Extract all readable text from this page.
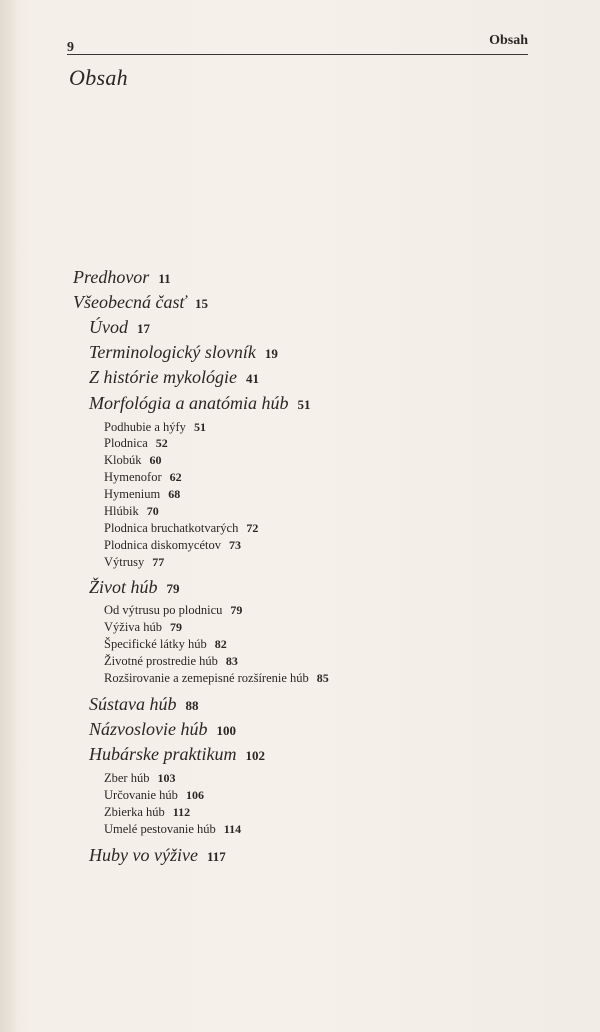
9	Obsah
Obsah
Predhovor 11
Všeobecná časť 15
Úvod 17
Terminologický slovník 19
Z histórie mykológie 41
Morfológia a anatómia húb 51
Podhubie a hýfy 51
Plodnica 52
Klobúk 60
Hymenofor 62
Hymenium 68
Hlúbik 70
Plodnica bruchatkotvarých 72
Plodnica diskomycétov 73
Výtrusy 77
Život húb 79
Od výtrusu po plodnicu 79
Výživa húb 79
Špecifické látky húb 82
Životné prostredie húb 83
Rozširovanie a zemepisné rozšírenie húb 85
Sústava húb 88
Názvoslovie húb 100
Hubárske praktikum 102
Zber húb 103
Určovanie húb 106
Zbierka húb 112
Umelé pestovanie húb 114
Huby vo výžive 117
